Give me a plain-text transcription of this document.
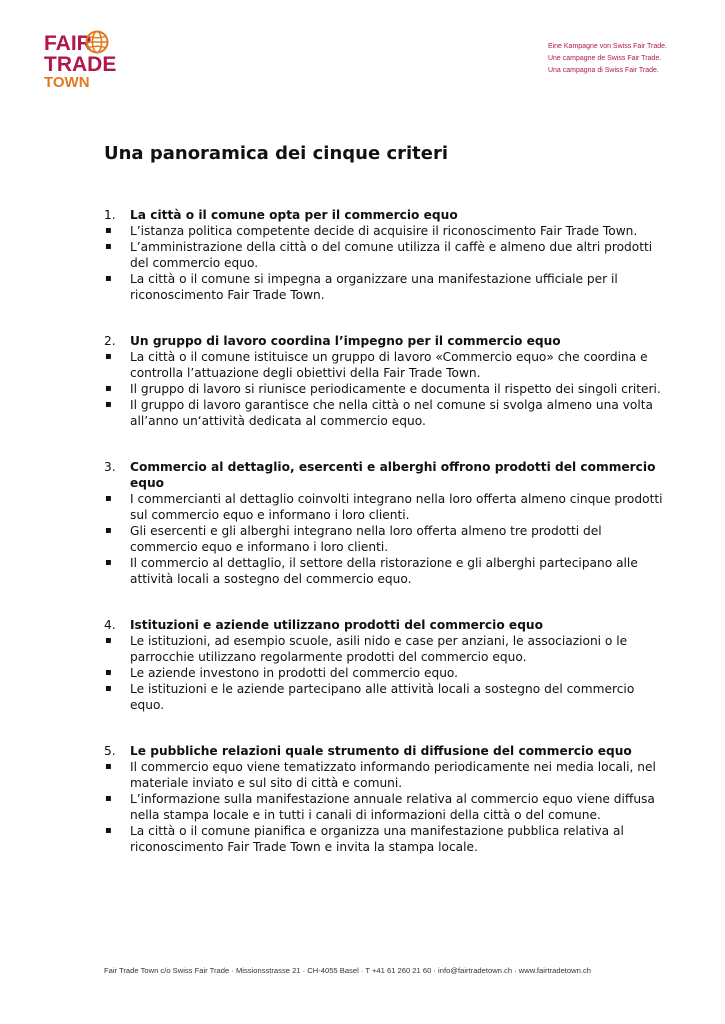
FAIR
TRADE
TOWN
Eine Kampagne von Swiss Fair Trade.
Une campagne de Swiss Fair Trade.
Una campagna di Swiss Fair Trade.
Una panoramica dei cinque criteri
1. La città o il comune opta per il commercio equo
▪ L’istanza politica competente decide di acquisire il riconoscimento Fair Trade Town.
▪ L’amministrazione della città o del comune utilizza il caffè e almeno due altri prodotti del commercio equo.
▪ La città o il comune si impegna a organizzare una manifestazione ufficiale per il riconoscimento Fair Trade Town.
2. Un gruppo di lavoro coordina l’impegno per il commercio equo
▪ La città o il comune istituisce un gruppo di lavoro «Commercio equo» che coordina e controlla l’attuazione degli obiettivi della Fair Trade Town.
▪ Il gruppo di lavoro si riunisce periodicamente e documenta il rispetto dei singoli criteri.
▪ Il gruppo di lavoro garantisce che nella città o nel comune si svolga almeno una volta all’anno un‘attività dedicata al commercio equo.
3. Commercio al dettaglio, esercenti e alberghi offrono prodotti del commercio equo
▪ I commercianti al dettaglio coinvolti integrano nella loro offerta almeno cinque prodotti sul commercio equo e informano i loro clienti.
▪ Gli esercenti e gli alberghi integrano nella loro offerta almeno tre prodotti del commercio equo e informano i loro clienti.
▪ Il commercio al dettaglio, il settore della ristorazione e gli alberghi partecipano alle attività locali a sostegno del commercio equo.
4. Istituzioni e aziende utilizzano prodotti del commercio equo
▪ Le istituzioni, ad esempio scuole, asili nido e case per anziani, le associazioni o le parrocchie utilizzano regolarmente prodotti del commercio equo.
▪ Le aziende investono in prodotti del commercio equo.
▪ Le istituzioni e le aziende partecipano alle attività locali a sostegno del commercio equo.
5. Le pubbliche relazioni quale strumento di diffusione del commercio equo
▪ Il commercio equo viene tematizzato informando periodicamente nei media locali, nel materiale inviato e sul sito di città e comuni.
▪ L’informazione sulla manifestazione annuale relativa al commercio equo viene diffusa nella stampa locale e in tutti i canali di informazioni della città o del comune.
▪ La città o il comune pianifica e organizza una manifestazione pubblica relativa al riconoscimento Fair Trade Town e invita la stampa locale.
Fair Trade Town c/o Swiss Fair Trade · Missionsstrasse 21 · CH-4055 Basel · T +41 61 260 21 60 · info@fairtradetown.ch · www.fairtradetown.ch
